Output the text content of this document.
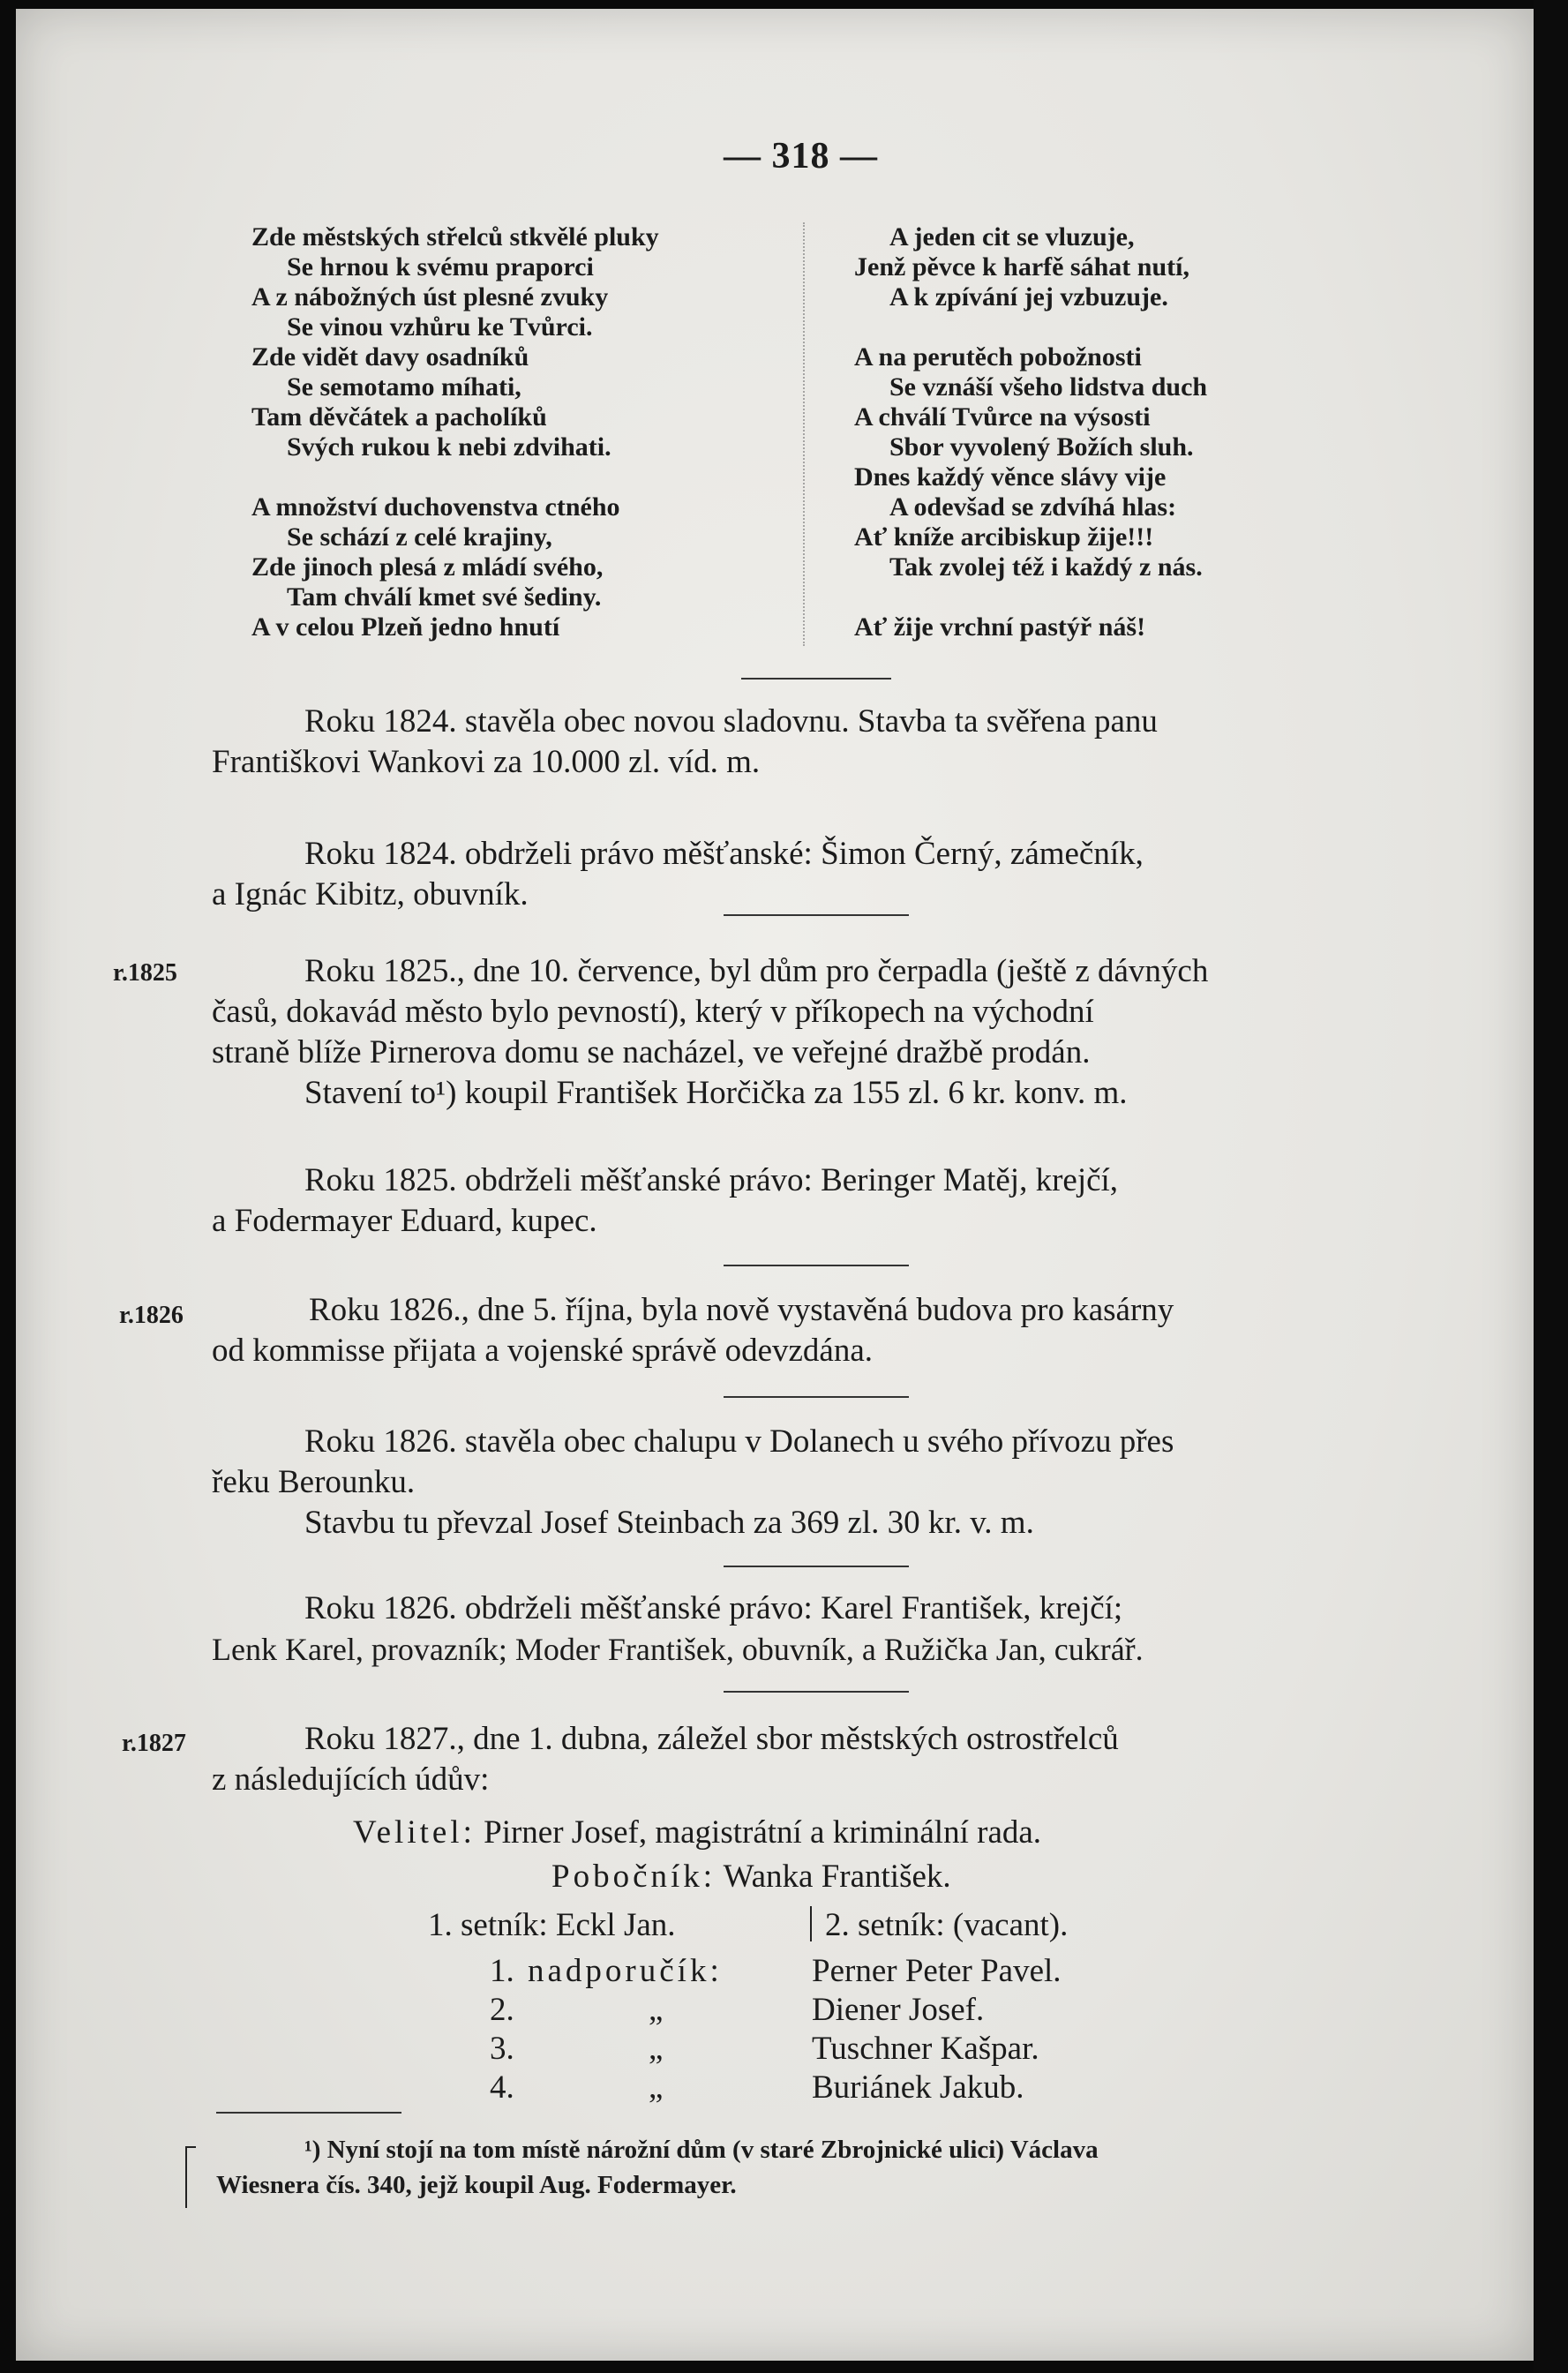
— 318 —
Zde městských střelců stkvělé pluky
Se hrnou k svému praporci
A z nábožných úst plesné zvuky
Se vinou vzhůru ke Tvůrci.
Zde vidět davy osadníků
Se semotamo míhati,
Tam děvčátek a pacholíků
Svých rukou k nebi zdvihati.
A množství duchovenstva ctného
Se schází z celé krajiny,
Zde jinoch plesá z mládí svého,
Tam chválí kmet své šediny.
A v celou Plzeň jedno hnutí
A jeden cit se vluzuje,
Jenž pěvce k harfě sáhat nutí,
A k zpívání jej vzbuzuje.
A na perutěch pobožnosti
Se vznáší všeho lidstva duch
A chválí Tvůrce na výsosti
Sbor vyvolený Božích sluh.
Dnes každý věnce slávy vije
A odevšad se zdvíhá hlas:
Ať kníže arcibiskup žije!!!
Tak zvolej též i každý z nás.
Ať žije vrchní pastýř náš!
Roku 1824. stavěla obec novou sladovnu. Stavba ta svěřena panu
Františkovi Wankovi za 10.000 zl. víd. m.
Roku 1824. obdrželi právo měšťanské: Šimon Černý, zámečník,
a Ignác Kibitz, obuvník.
r.1825	Roku 1825., dne 10. července, byl dům pro čerpadla (ještě z dávných
časů, dokavád město bylo pevností), který v příkopech na východní
straně blíže Pirnerova domu se nacházel, ve veřejné dražbě prodán.
Stavení to¹) koupil František Horčička za 155 zl. 6 kr. konv. m.
Roku 1825. obdrželi měšťanské právo: Beringer Matěj, krejčí,
a Fodermayer Eduard, kupec.
r.1826	Roku 1826., dne 5. října, byla nově vystavěná budova pro kasárny
od kommisse přijata a vojenské správě odevzdána.
Roku 1826. stavěla obec chalupu v Dolanech u svého přívozu přes
řeku Berounku.
Stavbu tu převzal Josef Steinbach za 369 zl. 30 kr. v. m.
Roku 1826. obdrželi měšťanské právo: Karel František, krejčí;
Lenk Karel, provazník; Moder František, obuvník, a Ružička Jan, cukrář.
r.1827	Roku 1827., dne 1. dubna, záležel sbor městských ostrostřelců
z následujících údův:
Velitel: Pirner Josef, magistrátní a kriminální rada.
Pobočník: Wanka František.
1. setník: Eckl Jan.	2. setník: (vacant).
1. nadporučík:	Perner Peter Pavel.
2.	„	Diener Josef.
3.	„	Tuschner Kašpar.
4.	„	Buriánek Jakub.
¹) Nyní stojí na tom místě nárožní dům (v staré Zbrojnické ulici) Václava
Wiesnera čís. 340, jejž koupil Aug. Fodermayer.
